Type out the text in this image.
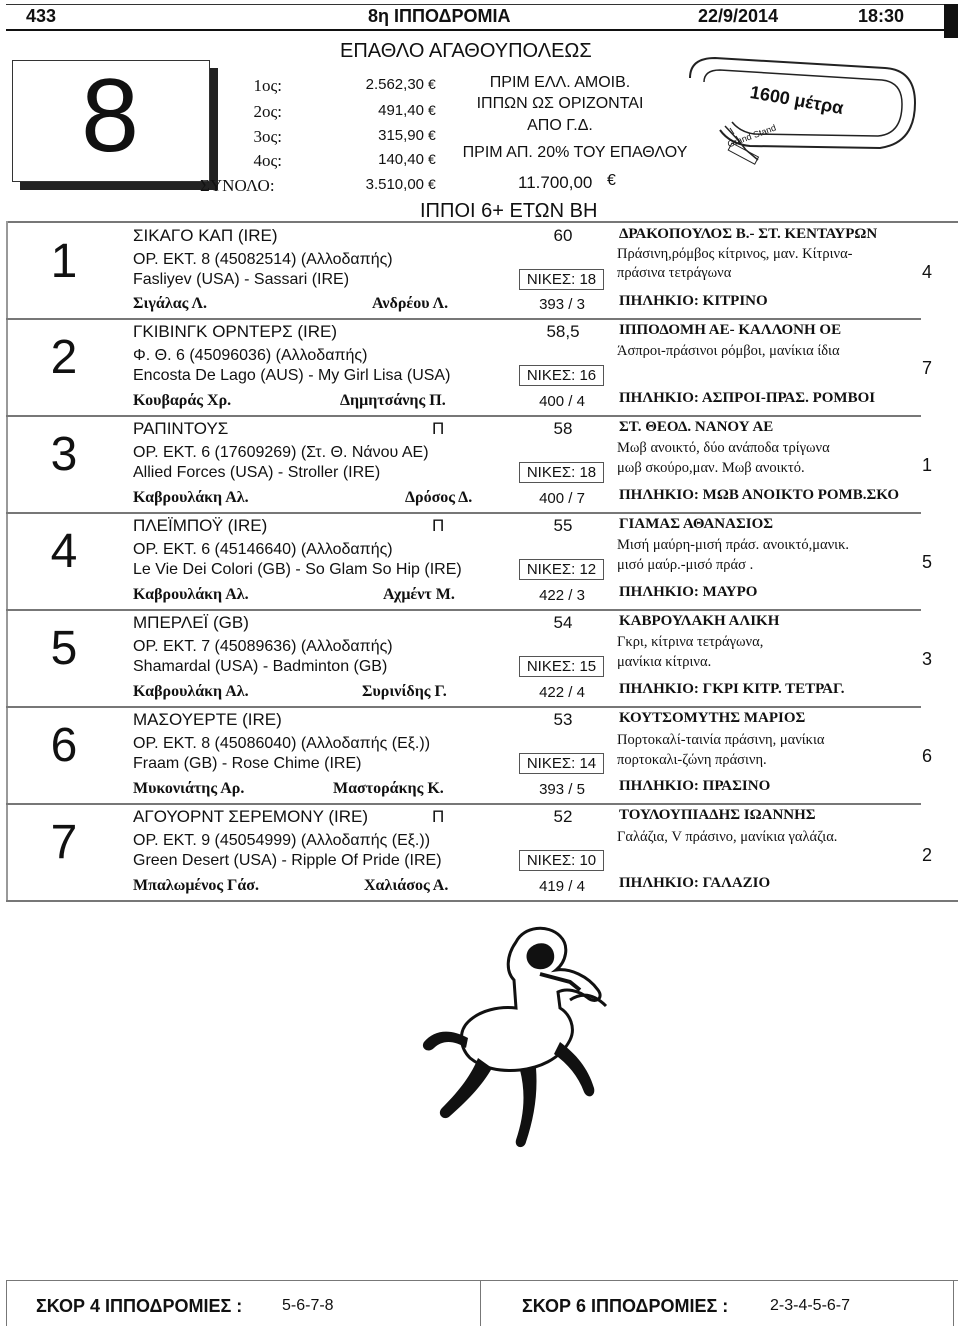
433	8η ΙΠΠΟΔΡΟΜΙΑ	22/9/2014	18:30
8
ΕΠΑΘΛΟ ΑΓΑΘΟΥΠΟΛΕΩΣ
1ος:	2.562,30 €
2ος:	491,40 €
3ος:	315,90 €
4ος:	140,40 €
ΣΥΝΟΛΟ:	3.510,00 €
ΠΡΙΜ ΕΛΛ. ΑΜΟΙΒ.
ΙΠΠΩΝ ΩΣ ΟΡΙΖΟΝΤΑΙ
ΑΠΟ Γ.Δ.
ΠΡΙΜ ΑΠ. 20% ΤΟΥ ΕΠΑΘΛΟΥ
11.700,00 €
1600 μέτρα
Grand Stand
ΙΠΠΟΙ 6+ ΕΤΩΝ ΒΗ
1	ΣΙΚΑΓΟ ΚΑΠ (IRE)	60
ΟΡ. ΕΚΤ. 8 (45082514) (Αλλοδαπής)
Fasliyev (USA) - Sassari (IRE)	ΝΙΚΕΣ: 18
Σιγάλας Λ.	Ανδρέου Λ.	393 / 3
ΔΡΑΚΟΠΟΥΛΟΣ Β.- ΣΤ. ΚΕΝΤΑΥΡΩΝ
Πράσινη,ρόμβος κίτρινος, μαν. Κίτρινα-
πράσινα τετράγωνα
ΠΗΛΗΚΙΟ: ΚΙΤΡΙΝΟ
4
2	ΓΚΙΒΙΝΓΚ ΟΡΝΤΕΡΣ (IRE)	58,5
Φ. Θ. 6 (45096036) (Αλλοδαπής)
Encosta De Lago (AUS) - My Girl Lisa (USA)	ΝΙΚΕΣ: 16
Κουβαράς Χρ.	Δημητσάνης Π.	400 / 4
ΙΠΠΟΔΟΜΗ ΑΕ- ΚΑΛΛΟΝΗ ΟΕ
Άσπροι-πράσινοι ρόμβοι, μανίκια ίδια
ΠΗΛΗΚΙΟ: ΑΣΠΡΟΙ-ΠΡΑΣ. ΡΟΜΒΟΙ
7
3	ΡΑΠΙΝΤΟΥΣ	Π	58
ΟΡ. ΕΚΤ. 6 (17609269) (Στ. Θ. Νάνου ΑΕ)
Allied Forces (USA) - Stroller (IRE)	ΝΙΚΕΣ: 18
Καβρουλάκη Αλ.	Δρόσος Δ.	400 / 7
ΣΤ. ΘΕΟΔ. ΝΑΝΟΥ ΑΕ
Μωβ ανοικτό, δύο ανάποδα τρίγωνα
μωβ σκούρο,μαν. Μωβ ανοικτό.
ΠΗΛΗΚΙΟ: ΜΩΒ ΑΝΟΙΚΤΟ ΡΟΜΒ.ΣΚΟ
1
4	ΠΛΕΪΜΠΟΫ (IRE)	Π	55
ΟΡ. ΕΚΤ. 6 (45146640) (Αλλοδαπής)
Le Vie Dei Colori (GB) - So Glam So Hip (IRE)	ΝΙΚΕΣ: 12
Καβρουλάκη Αλ.	Αχμέντ Μ.	422 / 3
ΓΙΑΜΑΣ ΑΘΑΝΑΣΙΟΣ
Μισή μαύρη-μισή πράσ. ανοικτό,μανικ.
μισό μαύρ.-μισό πράσ .
ΠΗΛΗΚΙΟ: ΜΑΥΡΟ
5
5	ΜΠΕΡΛΕΪ (GB)	54
ΟΡ. ΕΚΤ. 7 (45089636) (Αλλοδαπής)
Shamardal (USA) - Badminton (GB)	ΝΙΚΕΣ: 15
Καβρουλάκη Αλ.	Συρινίδης Γ.	422 / 4
ΚΑΒΡΟΥΛΑΚΗ ΑΛΙΚΗ
Γκρι, κίτρινα τετράγωνα,
μανίκια κίτρινα.
ΠΗΛΗΚΙΟ: ΓΚΡΙ ΚΙΤΡ. ΤΕΤΡΑΓ.
3
6	ΜΑΣΟΥΕΡΤΕ (IRE)	53
ΟΡ. ΕΚΤ. 8 (45086040) (Αλλοδαπής (Εξ.))
Fraam (GB) - Rose Chime (IRE)	ΝΙΚΕΣ: 14
Μυκονιάτης Αρ.	Μαστοράκης Κ.	393 / 5
ΚΟΥΤΣΟΜΥΤΗΣ ΜΑΡΙΟΣ
Πορτοκαλί-ταινία πράσινη, μανίκια
πορτοκαλι-ζώνη πράσινη.
ΠΗΛΗΚΙΟ: ΠΡΑΣΙΝΟ
6
7	ΑΓΟΥΟΡΝΤ ΣΕΡΕΜΟΝΥ (IRE)	Π	52
ΟΡ. ΕΚΤ. 9 (45054999) (Αλλοδαπής (Εξ.))
Green Desert (USA) - Ripple Of Pride (IRE)	ΝΙΚΕΣ: 10
Μπαλωμένος Γάσ.	Χαλιάσος Α.	419 / 4
ΤΟΥΛΟΥΠΙΑΔΗΣ ΙΩΑΝΝΗΣ
Γαλάζια, V πράσινο, μανίκια γαλάζια.
ΠΗΛΗΚΙΟ: ΓΑΛΑΖΙΟ
2
ΣΚΟΡ 4 ΙΠΠΟΔΡΟΜΙΕΣ : 5-6-7-8	ΣΚΟΡ 6 ΙΠΠΟΔΡΟΜΙΕΣ :	2-3-4-5-6-7
